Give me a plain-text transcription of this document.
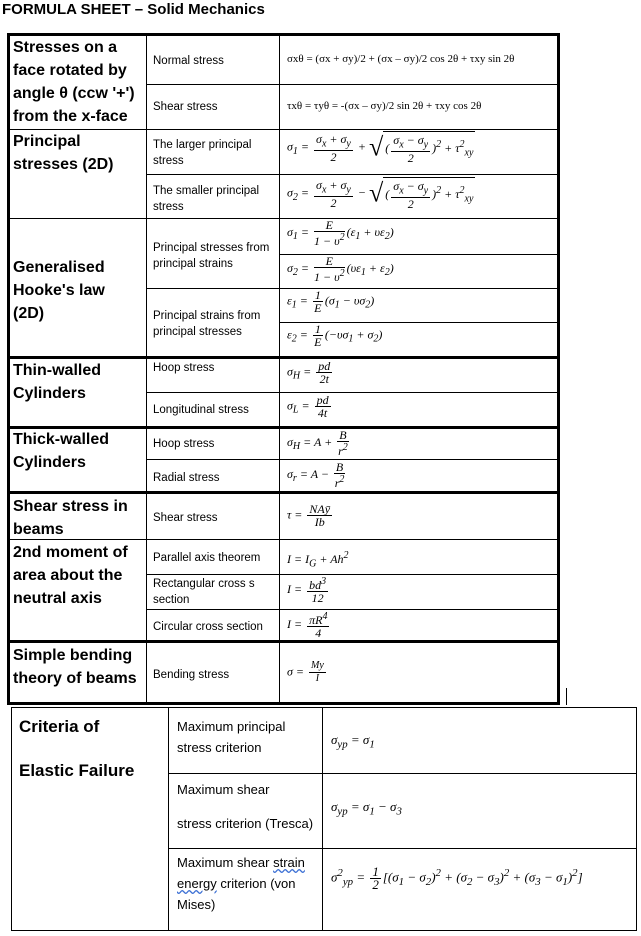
FORMULA SHEET – Solid Mechanics
Stresses on a
face rotated by
angle θ (ccw '+')
from the x-face
Principal
stresses (2D)
Generalised
Hooke's law
(2D)
Thin-walled
Cylinders
Thick-walled
Cylinders
Shear stress in
beams
2nd moment of
area about the
neutral axis
Simple bending
theory of beams
Normal stress
Shear stress
The larger principal
stress
The smaller principal
stress
Principal stresses from
principal strains
Principal strains from
principal stresses
Hoop stress
Longitudinal stress
Hoop stress
Radial stress
Shear stress
Parallel axis theorem
Rectangular cross s
section
Circular cross section
Bending stress
σxθ = (σx + σy)/2 + (σx – σy)/2 cos 2θ + τxy sin 2θ
τxθ = τyθ = -(σx – σy)/2 sin 2θ + τxy cos 2θ
$\sigma_1 = \frac{\sigma_x + \sigma_y}{2}$ + √ ( $\frac{\sigma_x - \sigma_y}{2} )^2 + \tau^2_{xy}$
$\sigma_2 = \frac{\sigma_x + \sigma_y}{2}$ − √ ( $\frac{\sigma_x - \sigma_y}{2} )^2 + \tau^2_{xy}$
$\sigma_1 = \frac{E}{1 - \upsilon^2} (\varepsilon_1 + \upsilon\varepsilon_2)$
$\sigma_2 = \frac{E}{1 - \upsilon^2} (\upsilon\varepsilon_1 + \varepsilon_2)$
$\varepsilon_1 = \frac{1}{E} (\sigma_1 - \upsilon\sigma_2)$
$\varepsilon_2 = \frac{1}{E} (-\upsilon\sigma_1 + \sigma_2)$
$\sigma_H = \frac{pd}{2t}$
$\sigma_L = \frac{pd}{4t}$
$\sigma_H = A + \frac{B}{r^2}$
$\sigma_r = A - \frac{B}{r^2}$
$\tau = \frac{\text{NAȳ}}{Ib}$
$I = I_G + Ah^2$
$I = \frac{bd^3}{12}$
$I = \frac{\pi R^4}{4}$
$\sigma = \frac{My}{I}$
Criteria of

Elastic Failure
Maximum principal
stress criterion
Maximum shear
stress criterion (Tresca)
Maximum shear strain
energy criterion (von
Mises)
$\sigma_{yp} = \sigma_1$
$\sigma_{yp} = \sigma_1 - \sigma_3$
$\sigma^2_{yp} = \frac{1}{2} [(\sigma_1 - \sigma_2)^2 + (\sigma_2 - \sigma_3)^2 + (\sigma_3 - \sigma_1)^2]$
